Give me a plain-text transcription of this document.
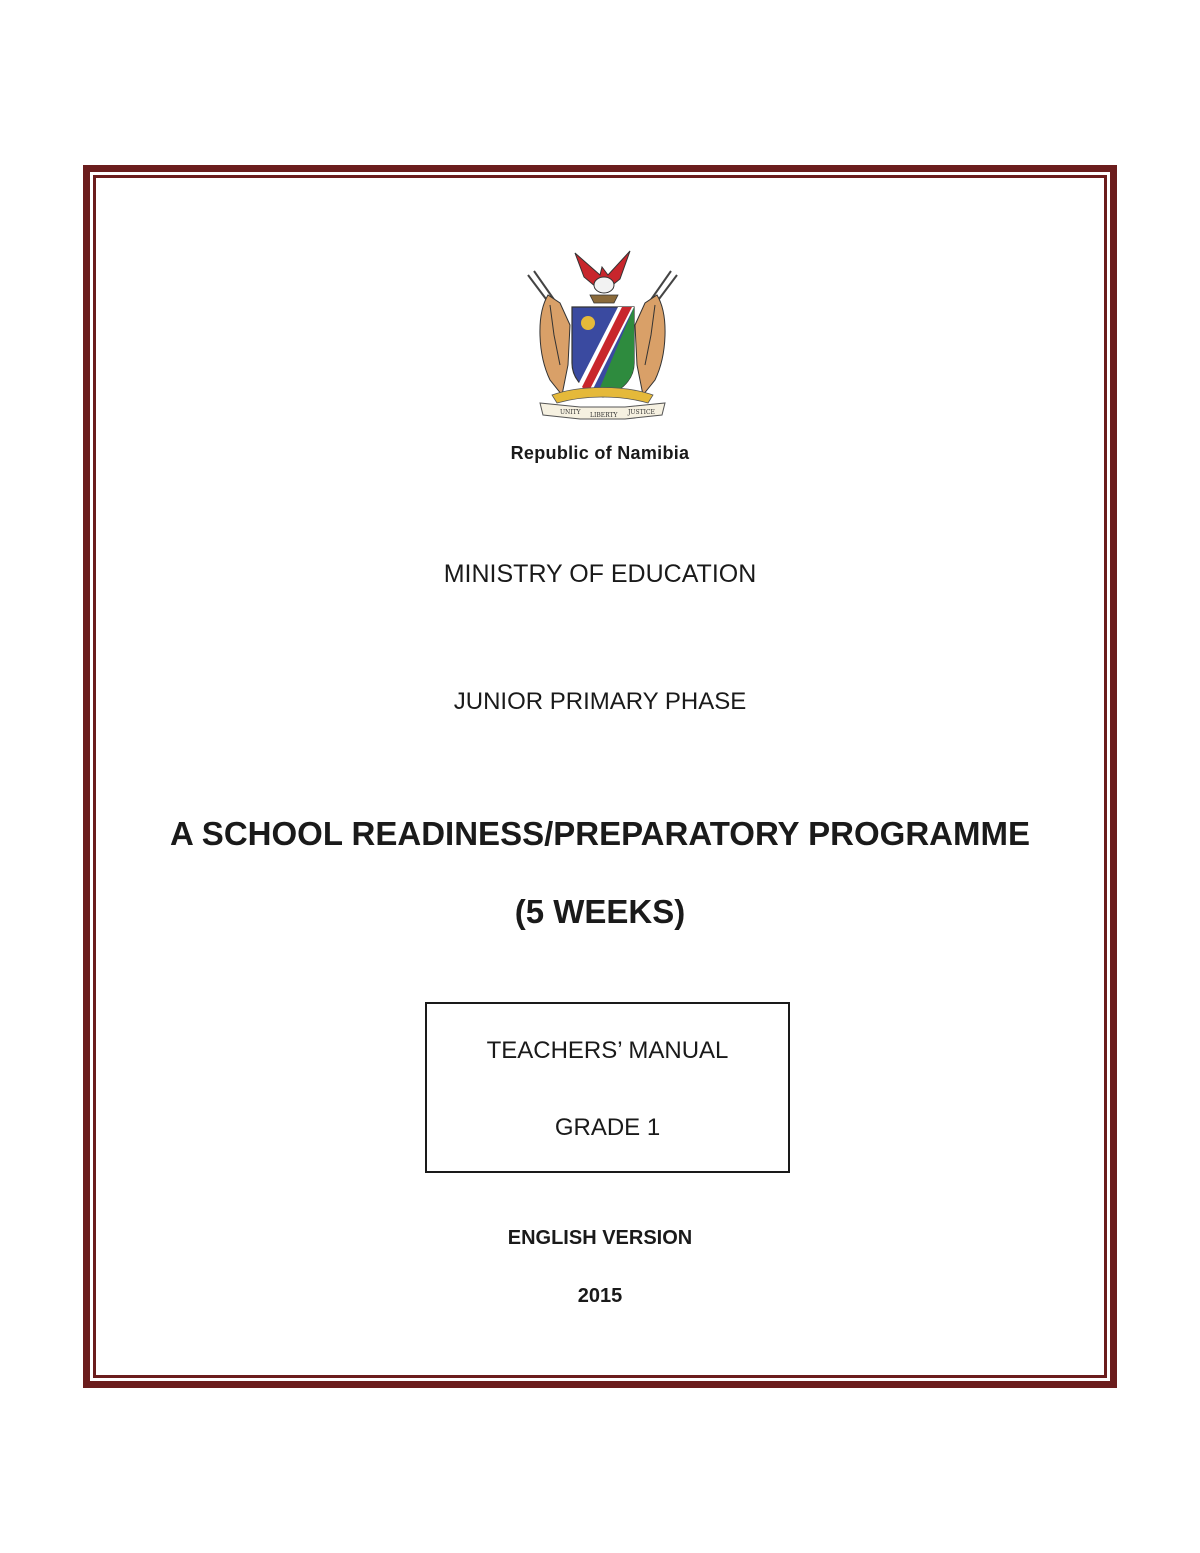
UNITY LIBERTY JUSTICE
Republic of Namibia
MINISTRY OF EDUCATION
JUNIOR PRIMARY PHASE
A SCHOOL READINESS/PREPARATORY PROGRAMME
(5 WEEKS)
TEACHERS’ MANUAL
GRADE 1
ENGLISH VERSION
2015
